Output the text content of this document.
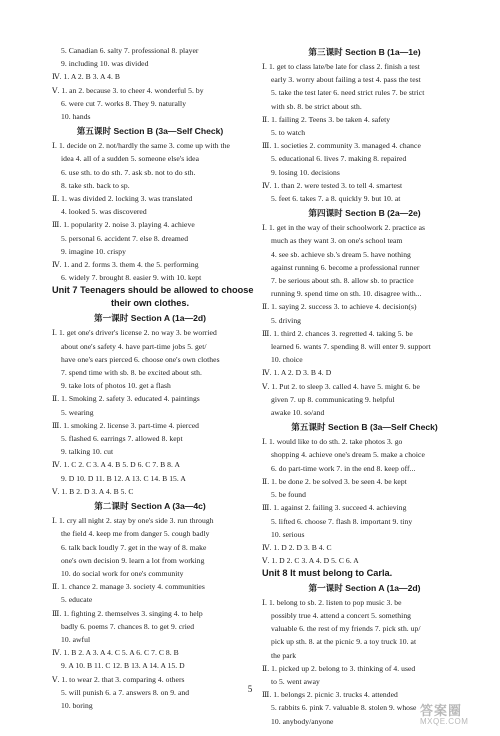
5. Canadian 6. salty 7. professional 8. player
9. including 10. was divided
Ⅳ. 1. A 2. B 3. A 4. B
Ⅴ. 1. an 2. because 3. to cheer 4. wonderful 5. by
6. were cut 7. works 8. They 9. naturally
10. hands
第五课时 Section B (3a—Self Check)
Ⅰ. 1. decide on 2. not/hardly the same 3. come up with the
idea 4. all of a sudden 5. someone else's idea
6. use sth. to do sth. 7. ask sb. not to do sth.
8. take sth. back to sp.
Ⅱ. 1. was divided 2. locking 3. was translated
4. looked 5. was discovered
Ⅲ. 1. popularity 2. noise 3. playing 4. achieve
5. personal 6. accident 7. else 8. dreamed
9. imagine 10. crispy
Ⅳ. 1. and 2. forms 3. them 4. the 5. performing
6. widely 7. brought 8. easier 9. with 10. kept
Unit 7 Teenagers should be allowed to choose
their own clothes.
第一课时 Section A (1a—2d)
Ⅰ. 1. get one's driver's license 2. no way 3. be worried
about one's safety 4. have part-time jobs 5. get/
have one's ears pierced 6. choose one's own clothes
7. spend time with sb. 8. be excited about sth.
9. take lots of photos 10. get a flash
Ⅱ. 1. Smoking 2. safety 3. educated 4. paintings
5. wearing
Ⅲ. 1. smoking 2. license 3. part-time 4. pierced
5. flashed 6. earrings 7. allowed 8. kept
9. talking 10. cut
Ⅳ. 1. C 2. C 3. A 4. B 5. D 6. C 7. B 8. A
9. D 10. D 11. B 12. A 13. C 14. B 15. A
Ⅴ. 1. B 2. D 3. A 4. B 5. C
第二课时 Section A (3a—4c)
Ⅰ. 1. cry all night 2. stay by one's side 3. run through
the field 4. keep me from danger 5. cough badly
6. talk back loudly 7. get in the way of 8. make
one's own decision 9. learn a lot from working
10. do social work for one's community
Ⅱ. 1. chance 2. manage 3. society 4. communities
5. educate
Ⅲ. 1. fighting 2. themselves 3. singing 4. to help
badly 6. poems 7. chances 8. to get 9. cried
10. awful
Ⅳ. 1. B 2. A 3. A 4. C 5. A 6. C 7. C 8. B
9. A 10. B 11. C 12. B 13. A 14. A 15. D
Ⅴ. 1. to wear 2. that 3. comparing 4. others
5. will punish 6. a 7. answers 8. on 9. and
10. boring
第三课时 Section B (1a—1e)
Ⅰ. 1. get to class late/be late for class 2. finish a test
early 3. worry about failing a test 4. pass the test
5. take the test later 6. need strict rules 7. be strict
with sb. 8. be strict about sth.
Ⅱ. 1. failing 2. Teens 3. be taken 4. safety
5. to watch
Ⅲ. 1. societies 2. community 3. managed 4. chance
5. educational 6. lives 7. making 8. repaired
9. losing 10. decisions
Ⅳ. 1. than 2. were tested 3. to tell 4. smartest
5. feet 6. takes 7. a 8. quickly 9. but 10. at
第四课时 Section B (2a—2e)
Ⅰ. 1. get in the way of their schoolwork 2. practice as
much as they want 3. on one's school team
4. see sb. achieve sb.'s dream 5. have nothing
against running 6. become a professional runner
7. be serious about sth. 8. allow sb. to practice
running 9. spend time on sth. 10. disagree with...
Ⅱ. 1. saying 2. success 3. to achieve 4. decision(s)
5. driving
Ⅲ. 1. third 2. chances 3. regretted 4. taking 5. be
learned 6. wants 7. spending 8. will enter 9. support
10. choice
Ⅳ. 1. A 2. D 3. B 4. D
Ⅴ. 1. Put 2. to sleep 3. called 4. have 5. might 6. be
given 7. up 8. communicating 9. helpful
awake 10. so/and
第五课时 Section B (3a—Self Check)
Ⅰ. 1. would like to do sth. 2. take photos 3. go
shopping 4. achieve one's dream 5. make a choice
6. do part-time work 7. in the end 8. keep off...
Ⅱ. 1. be done 2. be solved 3. be seen 4. be kept
5. be found
Ⅲ. 1. against 2. failing 3. succeed 4. achieving
5. lifted 6. choose 7. flash 8. important 9. tiny
10. serious
Ⅳ. 1. D 2. D 3. B 4. C
Ⅴ. 1. D 2. C 3. A 4. D 5. C 6. A
Unit 8 It must belong to Carla.
第一课时 Section A (1a—2d)
Ⅰ. 1. belong to sb. 2. listen to pop music 3. be
possibly true 4. attend a concert 5. something
valuable 6. the rest of my friends 7. pick sth. up/
pick up sth. 8. at the picnic 9. a toy truck 10. at
the park
Ⅱ. 1. picked up 2. belong to 3. thinking of 4. used
to 5. went away
Ⅲ. 1. belongs 2. picnic 3. trucks 4. attended
5. rabbits 6. pink 7. valuable 8. stolen 9. whose
10. anybody/anyone
5
答案圈
MXQE.COM
